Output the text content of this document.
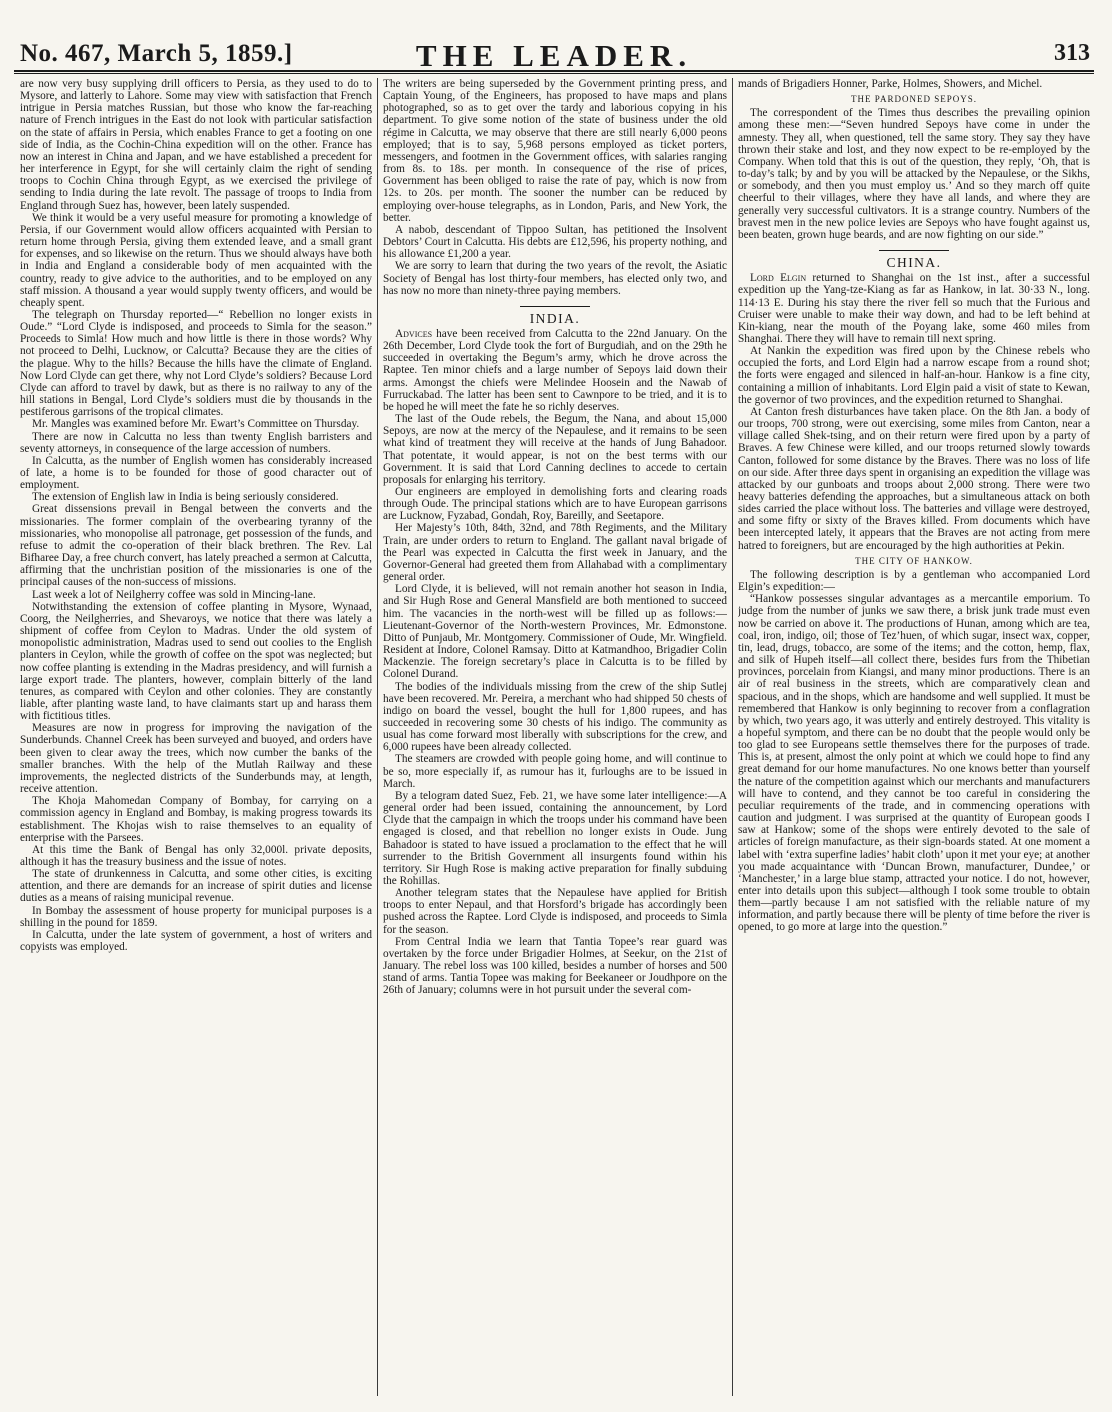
No. 467, March 5, 1859.]	THE LEADER.	313

are now very busy supplying drill officers to Persia, as they used to do to Mysore, and latterly to Lahore. Some may view with satisfaction that French intrigue in Persia matches Russian, but those who know the far-reaching nature of French intrigues in the East do not look with particular satisfaction on the state of affairs in Persia, which enables France to get a footing on one side of India, as the Cochin-China expedition will on the other. France has now an interest in China and Japan, and we have established a precedent for her interference in Egypt, for she will certainly claim the right of sending troops to Cochin China through Egypt, as we exercised the privilege of sending to India during the late revolt. The passage of troops to India from England through Suez has, however, been lately suspended.

We think it would be a very useful measure for promoting a knowledge of Persia, if our Government would allow officers acquainted with Persian to return home through Persia, giving them extended leave, and a small grant for expenses, and so likewise on the return. Thus we should always have both in India and England a considerable body of men acquainted with the country, ready to give advice to the authorities, and to be employed on any staff mission. A thousand a year would supply twenty officers, and would be cheaply spent.

The telegraph on Thursday reported—“ Rebellion no longer exists in Oude.” “Lord Clyde is indisposed, and proceeds to Simla for the season.” Proceeds to Simla! How much and how little is there in those words? Why not proceed to Delhi, Lucknow, or Calcutta? Because they are the cities of the plague. Why to the hills? Because the hills have the climate of England. Now Lord Clyde can get there, why not Lord Clyde’s soldiers? Because Lord Clyde can afford to travel by dawk, but as there is no railway to any of the hill stations in Bengal, Lord Clyde’s soldiers must die by thousands in the pestiferous garrisons of the tropical climates.

Mr. Mangles was examined before Mr. Ewart’s Committee on Thursday.

There are now in Calcutta no less than twenty English barristers and seventy attorneys, in consequence of the large accession of numbers.

In Calcutta, as the number of English women has considerably increased of late, a home is to be founded for those of good character out of employment.

The extension of English law in India is being seriously considered.

Great dissensions prevail in Bengal between the converts and the missionaries. The former complain of the overbearing tyranny of the missionaries, who monopolise all patronage, get possession of the funds, and refuse to admit the co-operation of their black brethren. The Rev. Lal Bifharee Day, a free church convert, has lately preached a sermon at Calcutta, affirming that the unchristian position of the missionaries is one of the principal causes of the non-success of missions.

Last week a lot of Neilgherry coffee was sold in Mincing-lane.

Notwithstanding the extension of coffee planting in Mysore, Wynaad, Coorg, the Neilgherries, and Shevaroys, we notice that there was lately a shipment of coffee from Ceylon to Madras. Under the old system of monopolistic administration, Madras used to send out coolies to the English planters in Ceylon, while the growth of coffee on the spot was neglected; but now coffee planting is extending in the Madras presidency, and will furnish a large export trade. The planters, however, complain bitterly of the land tenures, as compared with Ceylon and other colonies. They are constantly liable, after planting waste land, to have claimants start up and harass them with fictitious titles.

Measures are now in progress for improving the navigation of the Sunderbunds. Channel Creek has been surveyed and buoyed, and orders have been given to clear away the trees, which now cumber the banks of the smaller branches. With the help of the Mutlah Railway and these improvements, the neglected districts of the Sunderbunds may, at length, receive attention.

The Khoja Mahomedan Company of Bombay, for carrying on a commission agency in England and Bombay, is making progress towards its establishment. The Khojas wish to raise themselves to an equality of enterprise with the Parsees.

At this time the Bank of Bengal has only 32,000l. private deposits, although it has the treasury business and the issue of notes.

The state of drunkenness in Calcutta, and some other cities, is exciting attention, and there are demands for an increase of spirit duties and license duties as a means of raising municipal revenue.

In Bombay the assessment of house property for municipal purposes is a shilling in the pound for 1859.

In Calcutta, under the late system of government, a host of writers and copyists was employed.

The writers are being superseded by the Government printing press, and Captain Young, of the Engineers, has proposed to have maps and plans photographed, so as to get over the tardy and laborious copying in his department. To give some notion of the state of business under the old régime in Calcutta, we may observe that there are still nearly 6,000 peons employed; that is to say, 5,968 persons employed as ticket porters, messengers, and footmen in the Government offices, with salaries ranging from 8s. to 18s. per month. In consequence of the rise of prices, Government has been obliged to raise the rate of pay, which is now from 12s. to 20s. per month. The sooner the number can be reduced by employing over-house telegraphs, as in London, Paris, and New York, the better.

A nabob, descendant of Tippoo Sultan, has petitioned the Insolvent Debtors’ Court in Calcutta. His debts are £12,596, his property nothing, and his allowance £1,200 a year.

We are sorry to learn that during the two years of the revolt, the Asiatic Society of Bengal has lost thirty-four members, has elected only two, and has now no more than ninety-three paying members.

INDIA.

Advices have been received from Calcutta to the 22nd January. On the 26th December, Lord Clyde took the fort of Burgudiah, and on the 29th he succeeded in overtaking the Begum’s army, which he drove across the Raptee. Ten minor chiefs and a large number of Sepoys laid down their arms. Amongst the chiefs were Melindee Hoosein and the Nawab of Furruckabad. The latter has been sent to Cawnpore to be tried, and it is to be hoped he will meet the fate he so richly deserves.

The last of the Oude rebels, the Begum, the Nana, and about 15,000 Sepoys, are now at the mercy of the Nepaulese, and it remains to be seen what kind of treatment they will receive at the hands of Jung Bahadoor. That potentate, it would appear, is not on the best terms with our Government. It is said that Lord Canning declines to accede to certain proposals for enlarging his territory.

Our engineers are employed in demolishing forts and clearing roads through Oude. The principal stations which are to have European garrisons are Lucknow, Fyzabad, Gondah, Roy, Bareilly, and Seetapore.

Her Majesty’s 10th, 84th, 32nd, and 78th Regiments, and the Military Train, are under orders to return to England. The gallant naval brigade of the Pearl was expected in Calcutta the first week in January, and the Governor-General had greeted them from Allahabad with a complimentary general order.

Lord Clyde, it is believed, will not remain another hot season in India, and Sir Hugh Rose and General Mansfield are both mentioned to succeed him. The vacancies in the north-west will be filled up as follows:—Lieutenant-Governor of the North-western Provinces, Mr. Edmonstone. Ditto of Punjaub, Mr. Montgomery. Commissioner of Oude, Mr. Wingfield. Resident at Indore, Colonel Ramsay. Ditto at Katmandhoo, Brigadier Colin Mackenzie. The foreign secretary’s place in Calcutta is to be filled by Colonel Durand.

The bodies of the individuals missing from the crew of the ship Sutlej have been recovered. Mr. Pereira, a merchant who had shipped 50 chests of indigo on board the vessel, bought the hull for 1,800 rupees, and has succeeded in recovering some 30 chests of his indigo. The community as usual has come forward most liberally with subscriptions for the crew, and 6,000 rupees have been already collected.

The steamers are crowded with people going home, and will continue to be so, more especially if, as rumour has it, furloughs are to be issued in March.

By a telogram dated Suez, Feb. 21, we have some later intelligence:—A general order had been issued, containing the announcement, by Lord Clyde that the campaign in which the troops under his command have been engaged is closed, and that rebellion no longer exists in Oude. Jung Bahadoor is stated to have issued a proclamation to the effect that he will surrender to the British Government all insurgents found within his territory. Sir Hugh Rose is making active preparation for finally subduing the Rohillas.

Another telegram states that the Nepaulese have applied for British troops to enter Nepaul, and that Horsford’s brigade has accordingly been pushed across the Raptee. Lord Clyde is indisposed, and proceeds to Simla for the season.

From Central India we learn that Tantia Topee’s rear guard was overtaken by the force under Brigadier Holmes, at Seekur, on the 21st of January. The rebel loss was 100 killed, besides a number of horses and 500 stand of arms. Tantia Topee was making for Beekaneer or Joudhpore on the 26th of January; columns were in hot pursuit under the several com-

mands of Brigadiers Honner, Parke, Holmes, Showers, and Michel.

THE PARDONED SEPOYS.

The correspondent of the Times thus describes the prevailing opinion among these men:—“Seven hundred Sepoys have come in under the amnesty. They all, when questioned, tell the same story. They say they have thrown their stake and lost, and they now expect to be re-employed by the Company. When told that this is out of the question, they reply, ‘Oh, that is to-day’s talk; by and by you will be attacked by the Nepaulese, or the Sikhs, or somebody, and then you must employ us.’ And so they march off quite cheerful to their villages, where they have all lands, and where they are generally very successful cultivators. It is a strange country. Numbers of the bravest men in the new police levies are Sepoys who have fought against us, been beaten, grown huge beards, and are now fighting on our side.”

CHINA.

Lord Elgin returned to Shanghai on the 1st inst., after a successful expedition up the Yang-tze-Kiang as far as Hankow, in lat. 30·33 N., long. 114·13 E. During his stay there the river fell so much that the Furious and Cruiser were unable to make their way down, and had to be left behind at Kin-kiang, near the mouth of the Poyang lake, some 460 miles from Shanghai. There they will have to remain till next spring.

At Nankin the expedition was fired upon by the Chinese rebels who occupied the forts, and Lord Elgin had a narrow escape from a round shot; the forts were engaged and silenced in half-an-hour. Hankow is a fine city, containing a million of inhabitants. Lord Elgin paid a visit of state to Kewan, the governor of two provinces, and the expedition returned to Shanghai.

At Canton fresh disturbances have taken place. On the 8th Jan. a body of our troops, 700 strong, were out exercising, some miles from Canton, near a village called Shek-tsing, and on their return were fired upon by a party of Braves. A few Chinese were killed, and our troops returned slowly towards Canton, followed for some distance by the Braves. There was no loss of life on our side. After three days spent in organising an expedition the village was attacked by our gunboats and troops about 2,000 strong. There were two heavy batteries defending the approaches, but a simultaneous attack on both sides carried the place without loss. The batteries and village were destroyed, and some fifty or sixty of the Braves killed. From documents which have been intercepted lately, it appears that the Braves are not acting from mere hatred to foreigners, but are encouraged by the high authorities at Pekin.

THE CITY OF HANKOW.

The following description is by a gentleman who accompanied Lord Elgin’s expedition:—

“Hankow possesses singular advantages as a mercantile emporium. To judge from the number of junks we saw there, a brisk junk trade must even now be carried on above it. The productions of Hunan, among which are tea, coal, iron, indigo, oil; those of Tez’huen, of which sugar, insect wax, copper, tin, lead, drugs, tobacco, are some of the items; and the cotton, hemp, flax, and silk of Hupeh itself—all collect there, besides furs from the Thibetian provinces, porcelain from Kiangsi, and many minor productions. There is an air of real business in the streets, which are comparatively clean and spacious, and in the shops, which are handsome and well supplied. It must be remembered that Hankow is only beginning to recover from a conflagration by which, two years ago, it was utterly and entirely destroyed. This vitality is a hopeful symptom, and there can be no doubt that the people would only be too glad to see Europeans settle themselves there for the purposes of trade. This is, at present, almost the only point at which we could hope to find any great demand for our home manufactures. No one knows better than yourself the nature of the competition against which our merchants and manufacturers will have to contend, and they cannot be too careful in considering the peculiar requirements of the trade, and in commencing operations with caution and judgment. I was surprised at the quantity of European goods I saw at Hankow; some of the shops were entirely devoted to the sale of articles of foreign manufacture, as their sign-boards stated. At one moment a label with ‘extra superfine ladies’ habit cloth’ upon it met your eye; at another you made acquaintance with ‘Duncan Brown, manufacturer, Dundee,’ or ‘Manchester,’ in a large blue stamp, attracted your notice. I do not, however, enter into details upon this subject—although I took some trouble to obtain them—partly because I am not satisfied with the reliable nature of my information, and partly because there will be plenty of time before the river is opened, to go more at large into the question.”
